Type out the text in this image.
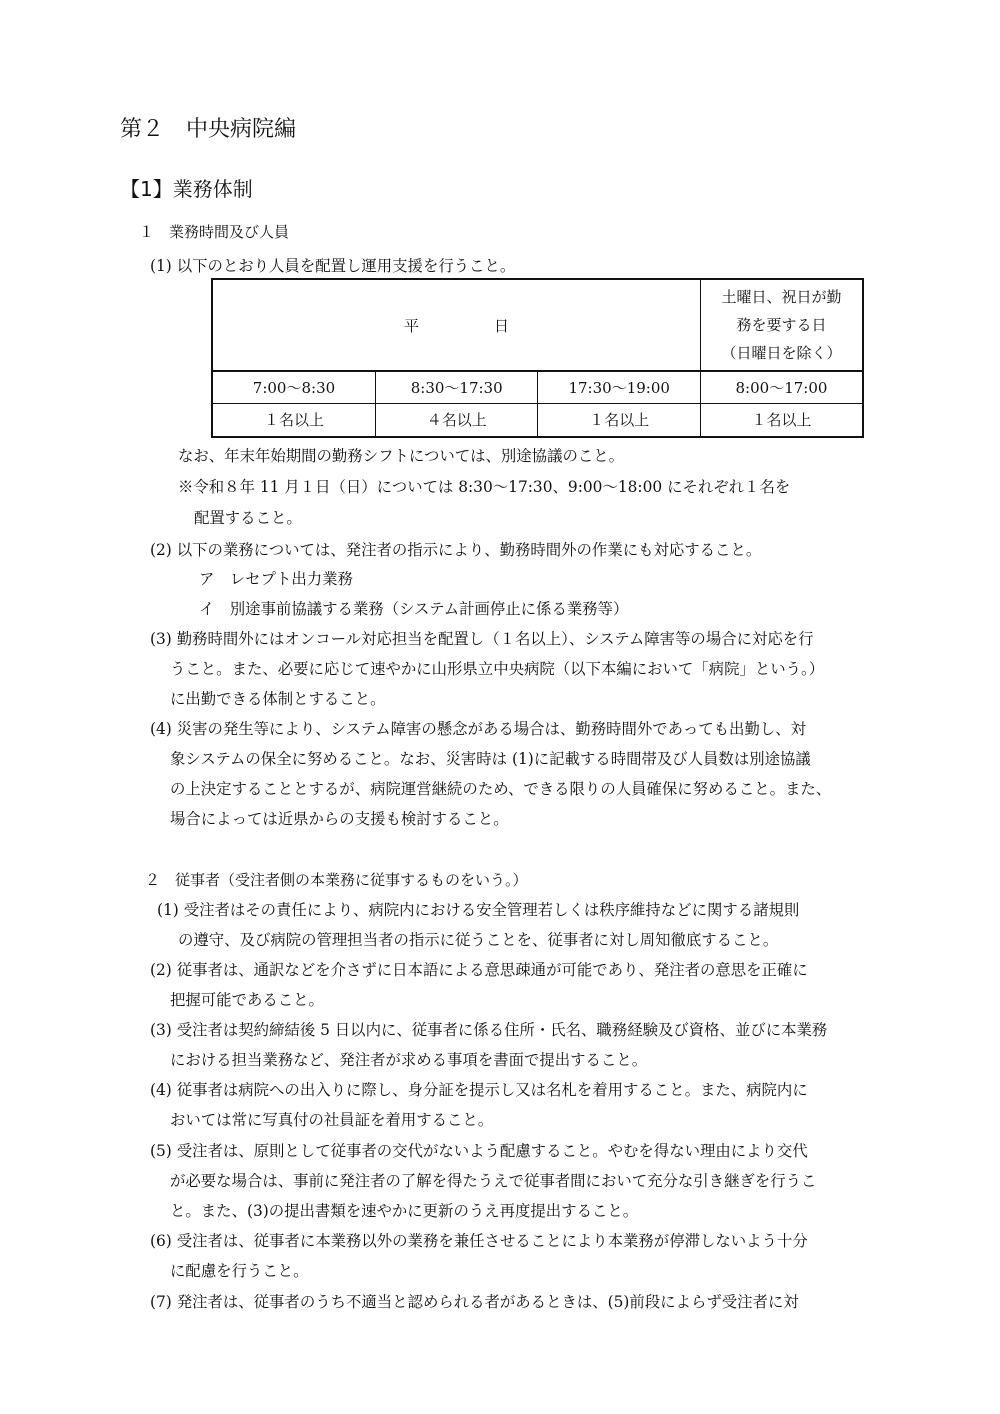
第２　中央病院編
【1】業務体制
１　業務時間及び人員
(1) 以下のとおり人員を配置し運用支援を行うこと。
平　　　　　日			土曜日、祝日が勤
務を要する日
（日曜日を除く）

7:00～8:30	8:30～17:30	17:30～19:00	8:00～17:00
１名以上	４名以上	１名以上	１名以上
なお、年末年始期間の勤務シフトについては、別途協議のこと。
※令和８年 11 月１日（日）については 8:30～17:30、9:00～18:00 にそれぞれ１名を
配置すること。
(2) 以下の業務については、発注者の指示により、勤務時間外の作業にも対応すること。
ア　レセプト出力業務
イ　別途事前協議する業務（システム計画停止に係る業務等）
(3) 勤務時間外にはオンコール対応担当を配置し（１名以上）、システム障害等の場合に対応を行
うこと。また、必要に応じて速やかに山形県立中央病院（以下本編において「病院」という。）
に出勤できる体制とすること。
(4) 災害の発生等により、システム障害の懸念がある場合は、勤務時間外であっても出勤し、対
象システムの保全に努めること。なお、災害時は (1)に記載する時間帯及び人員数は別途協議
の上決定することとするが、病院運営継続のため、できる限りの人員確保に努めること。また、
場合によっては近県からの支援も検討すること。
２　従事者（受注者側の本業務に従事するものをいう。）
(1) 受注者はその責任により、病院内における安全管理若しくは秩序維持などに関する諸規則
の遵守、及び病院の管理担当者の指示に従うことを、従事者に対し周知徹底すること。
(2) 従事者は、通訳などを介さずに日本語による意思疎通が可能であり、発注者の意思を正確に
把握可能であること。
(3) 受注者は契約締結後 5 日以内に、従事者に係る住所・氏名、職務経験及び資格、並びに本業務
における担当業務など、発注者が求める事項を書面で提出すること。
(4) 従事者は病院への出入りに際し、身分証を提示し又は名札を着用すること。また、病院内に
おいては常に写真付の社員証を着用すること。
(5) 受注者は、原則として従事者の交代がないよう配慮すること。やむを得ない理由により交代
が必要な場合は、事前に発注者の了解を得たうえで従事者間において充分な引き継ぎを行うこ
と。また、(3)の提出書類を速やかに更新のうえ再度提出すること。
(6) 受注者は、従事者に本業務以外の業務を兼任させることにより本業務が停滞しないよう十分
に配慮を行うこと。
(7) 発注者は、従事者のうち不適当と認められる者があるときは、(5)前段によらず受注者に対
